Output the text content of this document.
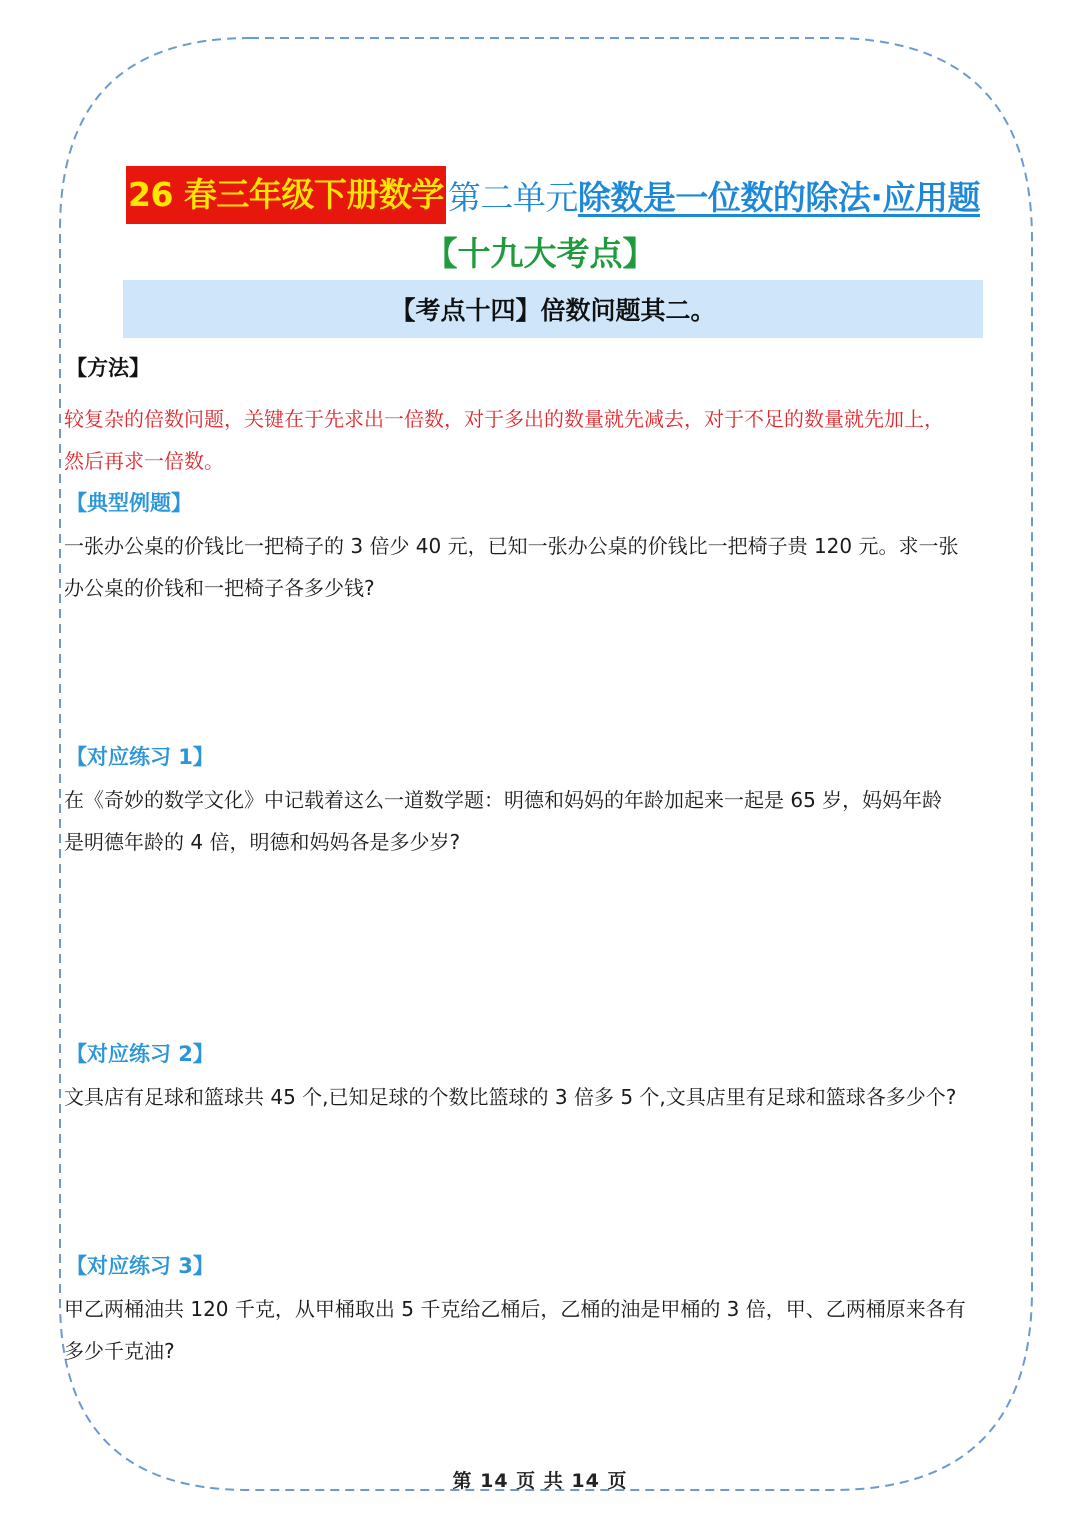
26 春三年级下册数学 第二单元 除数是一位数的除法·应用题
【十九大考点】
【考点十四】倍数问题其二。
【方法】
较复杂的倍数问题，关键在于先求出一倍数，对于多出的数量就先减去，对于不足的数量就先加上，
然后再求一倍数。
【典型例题】
一张办公桌的价钱比一把椅子的 3 倍少 40 元，已知一张办公桌的价钱比一把椅子贵 120 元。求一张
办公桌的价钱和一把椅子各多少钱?
【对应练习 1】
在《奇妙的数学文化》中记载着这么一道数学题：明德和妈妈的年龄加起来一起是 65 岁，妈妈年龄
是明德年龄的 4 倍，明德和妈妈各是多少岁?
【对应练习 2】
文具店有足球和篮球共 45 个,已知足球的个数比篮球的 3 倍多 5 个,文具店里有足球和篮球各多少个?
【对应练习 3】
甲乙两桶油共 120 千克，从甲桶取出 5 千克给乙桶后，乙桶的油是甲桶的 3 倍，甲、乙两桶原来各有
多少千克油?
第 14 页 共 14 页
